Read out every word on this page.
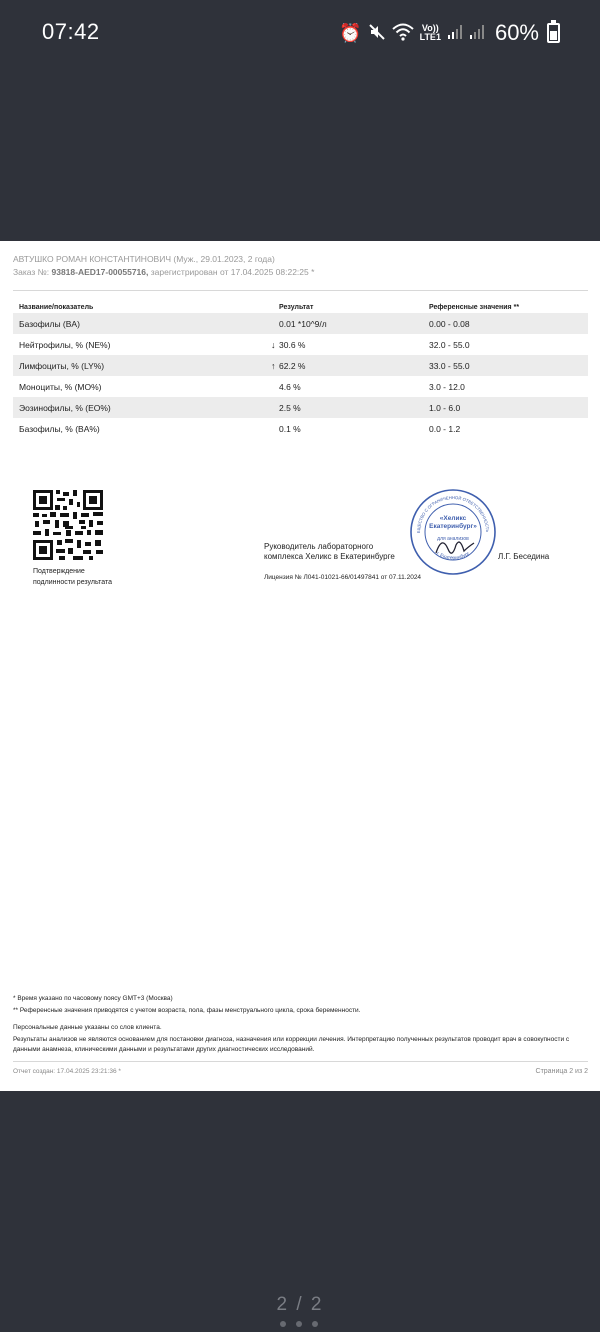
07:42	⏰	Vo))
LTE1 60%
АВТУШКО РОМАН КОНСТАНТИНОВИЧ (Муж., 29.01.2023, 2 года)
Заказ №: 93818-AED17-00055716, зарегистрирован от 17.04.2025 08:22:25 *
Название/показатель	Результат	Референсные значения **
Базофилы (BA)	0.01 *10^9/л	0.00 - 0.08
Нейтрофилы, % (NE%)	↓ 30.6 %	32.0 - 55.0
Лимфоциты, % (LY%)	↑ 62.2 %	33.0 - 55.0
Моноциты, % (MO%)	4.6 %	3.0 - 12.0
Эозинофилы, % (EO%)	2.5 %	1.0 - 6.0
Базофилы, % (BA%)	0.1 %	0.0 - 1.2
Подтверждение
подлинности результата
БЩЕСТВО С ОГРАНИЧЕННОЙ ОТВЕТСТВЕННОСТЬ
г. Екатеринбург
«Хеликс
Екатеринбург»
для анализов
Руководитель лабораторного
комплекса Хеликс в Екатеринбурге	Л.Г. Беседина
Лицензия № Л041-01021-66/01497841 от 07.11.2024
* Время указано по часовому поясу GMT+3 (Москва)
** Референсные значения приводятся с учетом возраста, пола, фазы менструального цикла, срока беременности.
Персональные данные указаны со слов клиента.
Результаты анализов не являются основанием для постановки диагноза, назначения или коррекции лечения. Интерпретацию полученных результатов проводит врач в совокупности с данными анамнеза, клиническими данными и результатами других диагностических исследований.
Отчет создан: 17.04.2025 23:21:36 *	Страница 2 из 2
2 / 2
